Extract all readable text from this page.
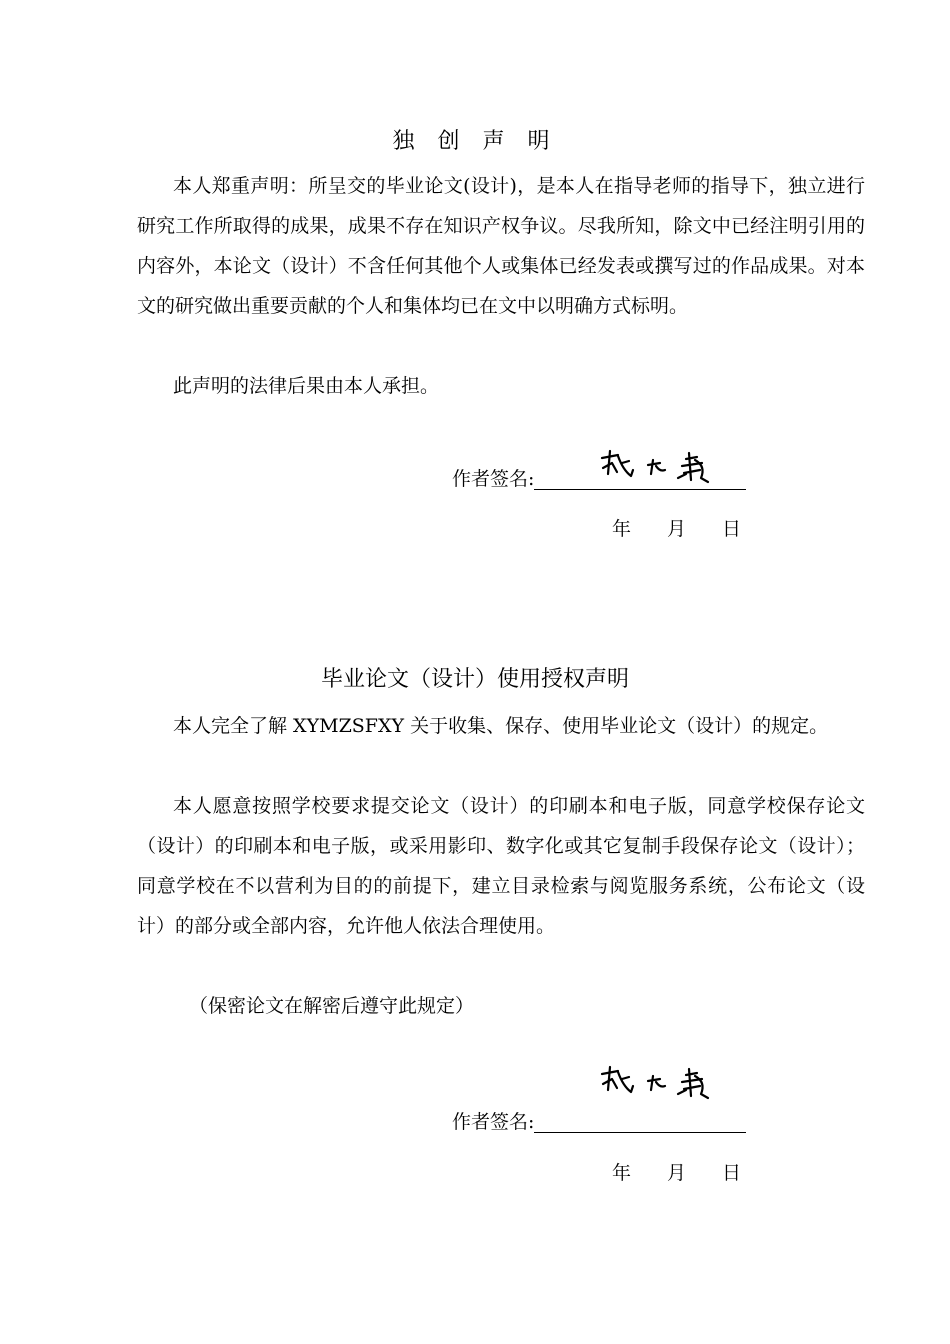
独 创 声 明

本人郑重声明：所呈交的毕业论文(设计)，是本人在指导老师的指导下，独立进行研究工作所取得的成果，成果不存在知识产权争议。尽我所知，除文中已经注明引用的内容外，本论文（设计）不含任何其他个人或集体已经发表或撰写过的作品成果。对本文的研究做出重要贡献的个人和集体均已在文中以明确方式标明。

此声明的法律后果由本人承担。

作者签名:
年 月 日
毕业论文（设计）使用授权声明

本人完全了解 XYMZSFXY 关于收集、保存、使用毕业论文（设计）的规定。

本人愿意按照学校要求提交论文（设计）的印刷本和电子版，同意学校保存论文（设计）的印刷本和电子版，或采用影印、数字化或其它复制手段保存论文（设计）；同意学校在不以营利为目的的前提下，建立目录检索与阅览服务系统，公布论文（设计）的部分或全部内容，允许他人依法合理使用。

（保密论文在解密后遵守此规定）

作者签名:
年 月 日
